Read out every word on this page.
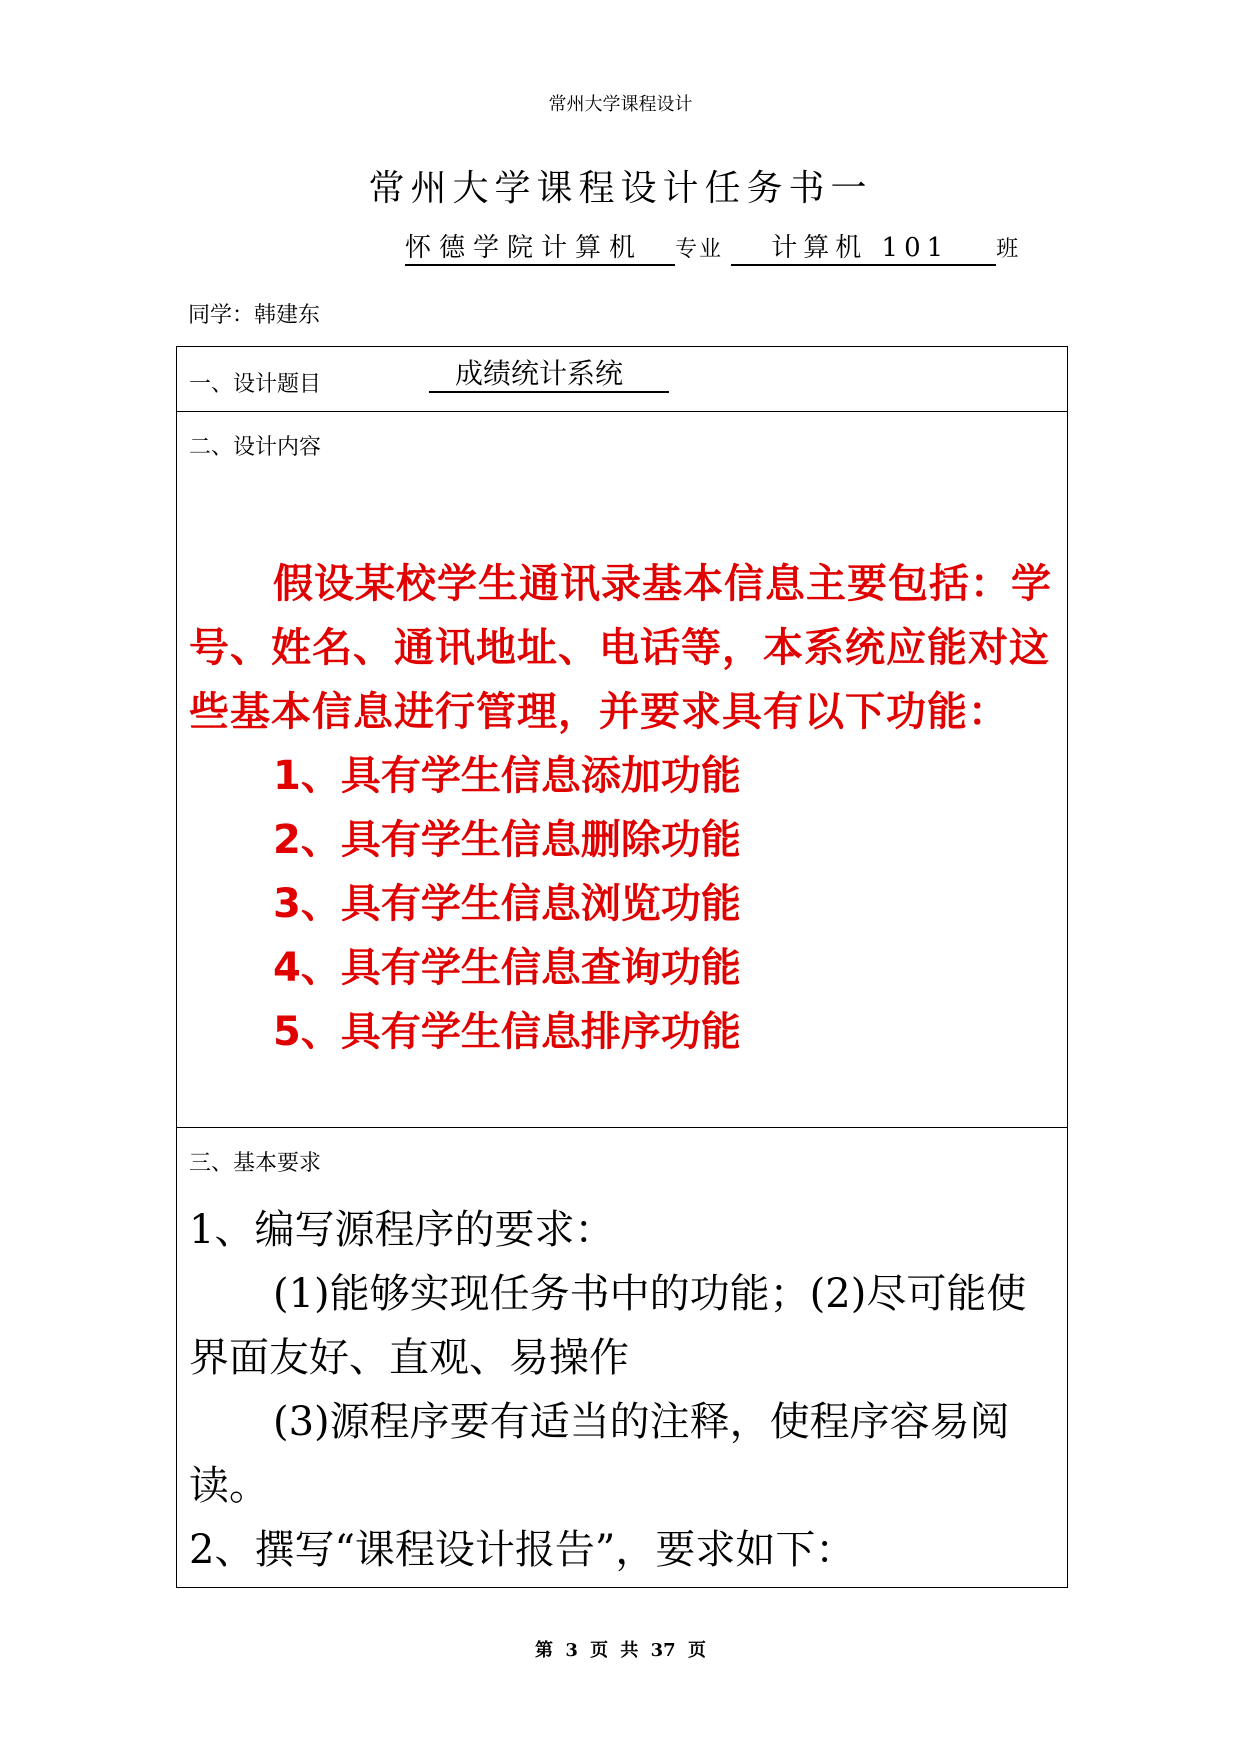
常州大学课程设计
常州大学课程设计任务书一
怀德学院计算机 专业 计算机 101 班
同学：韩建东
一、设计题目	成绩统计系统
二、设计内容

假设某校学生通讯录基本信息主要包括：学号、姓名、通讯地址、电话等，本系统应能对这些基本信息进行管理，并要求具有以下功能：

1、具有学生信息添加功能

2、具有学生信息删除功能

3、具有学生信息浏览功能

4、具有学生信息查询功能

5、具有学生信息排序功能

三、基本要求

1、编写源程序的要求：

(1)能够实现任务书中的功能；(2)尽可能使界面友好、直观、易操作

(3)源程序要有适当的注释，使程序容易阅读。

2、撰写“课程设计报告”，要求如下：

第 3 页 共 37 页
